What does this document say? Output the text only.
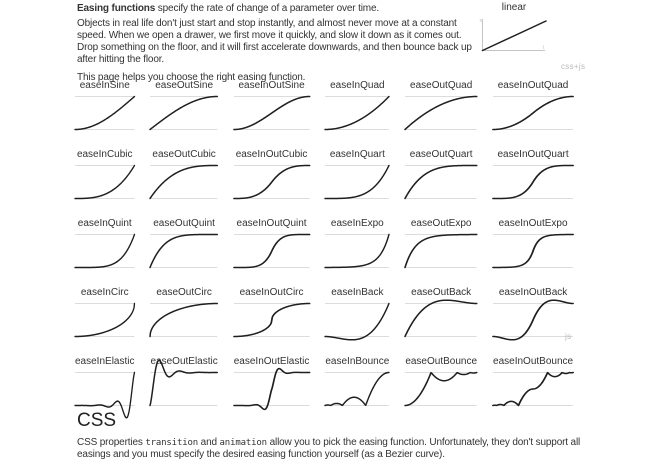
Easing functions specify the rate of change of a parameter over time.

Objects in real life don't just start and stop instantly, and almost never move at a constant speed. When we open a drawer, we first move it quickly, and slow it down as it comes out. Drop something on the floor, and it will first accelerate downwards, and then bounce back up after hitting the floor.

This page helps you choose the right easing function.

linear
x
t
css+js
easeInSine	easeOutSine	easeInOutSine	easeInQuad	easeOutQuad	easeInOutQuad
easeInCubic easeOutCubic easeInOutCubic	easeInQuart	easeOutQuart	easeInOutQuart
easeInQuint easeOutQuint easeInOutQuint	easeInExpo	easeOutExpo	easeInOutExpo
easeInCirc	easeOutCirc	easeInOutCirc	easeInBack	easeOutBack	easeInOutBack
easeInElastic easeOutElastic easeInOutElastic easeInBounce easeOutBounce easeInOutBounce
js
CSS

CSS properties transition and animation allow you to pick the easing function. Unfortunately, they don't support all easings and you must specify the desired easing function yourself (as a Bezier curve).
